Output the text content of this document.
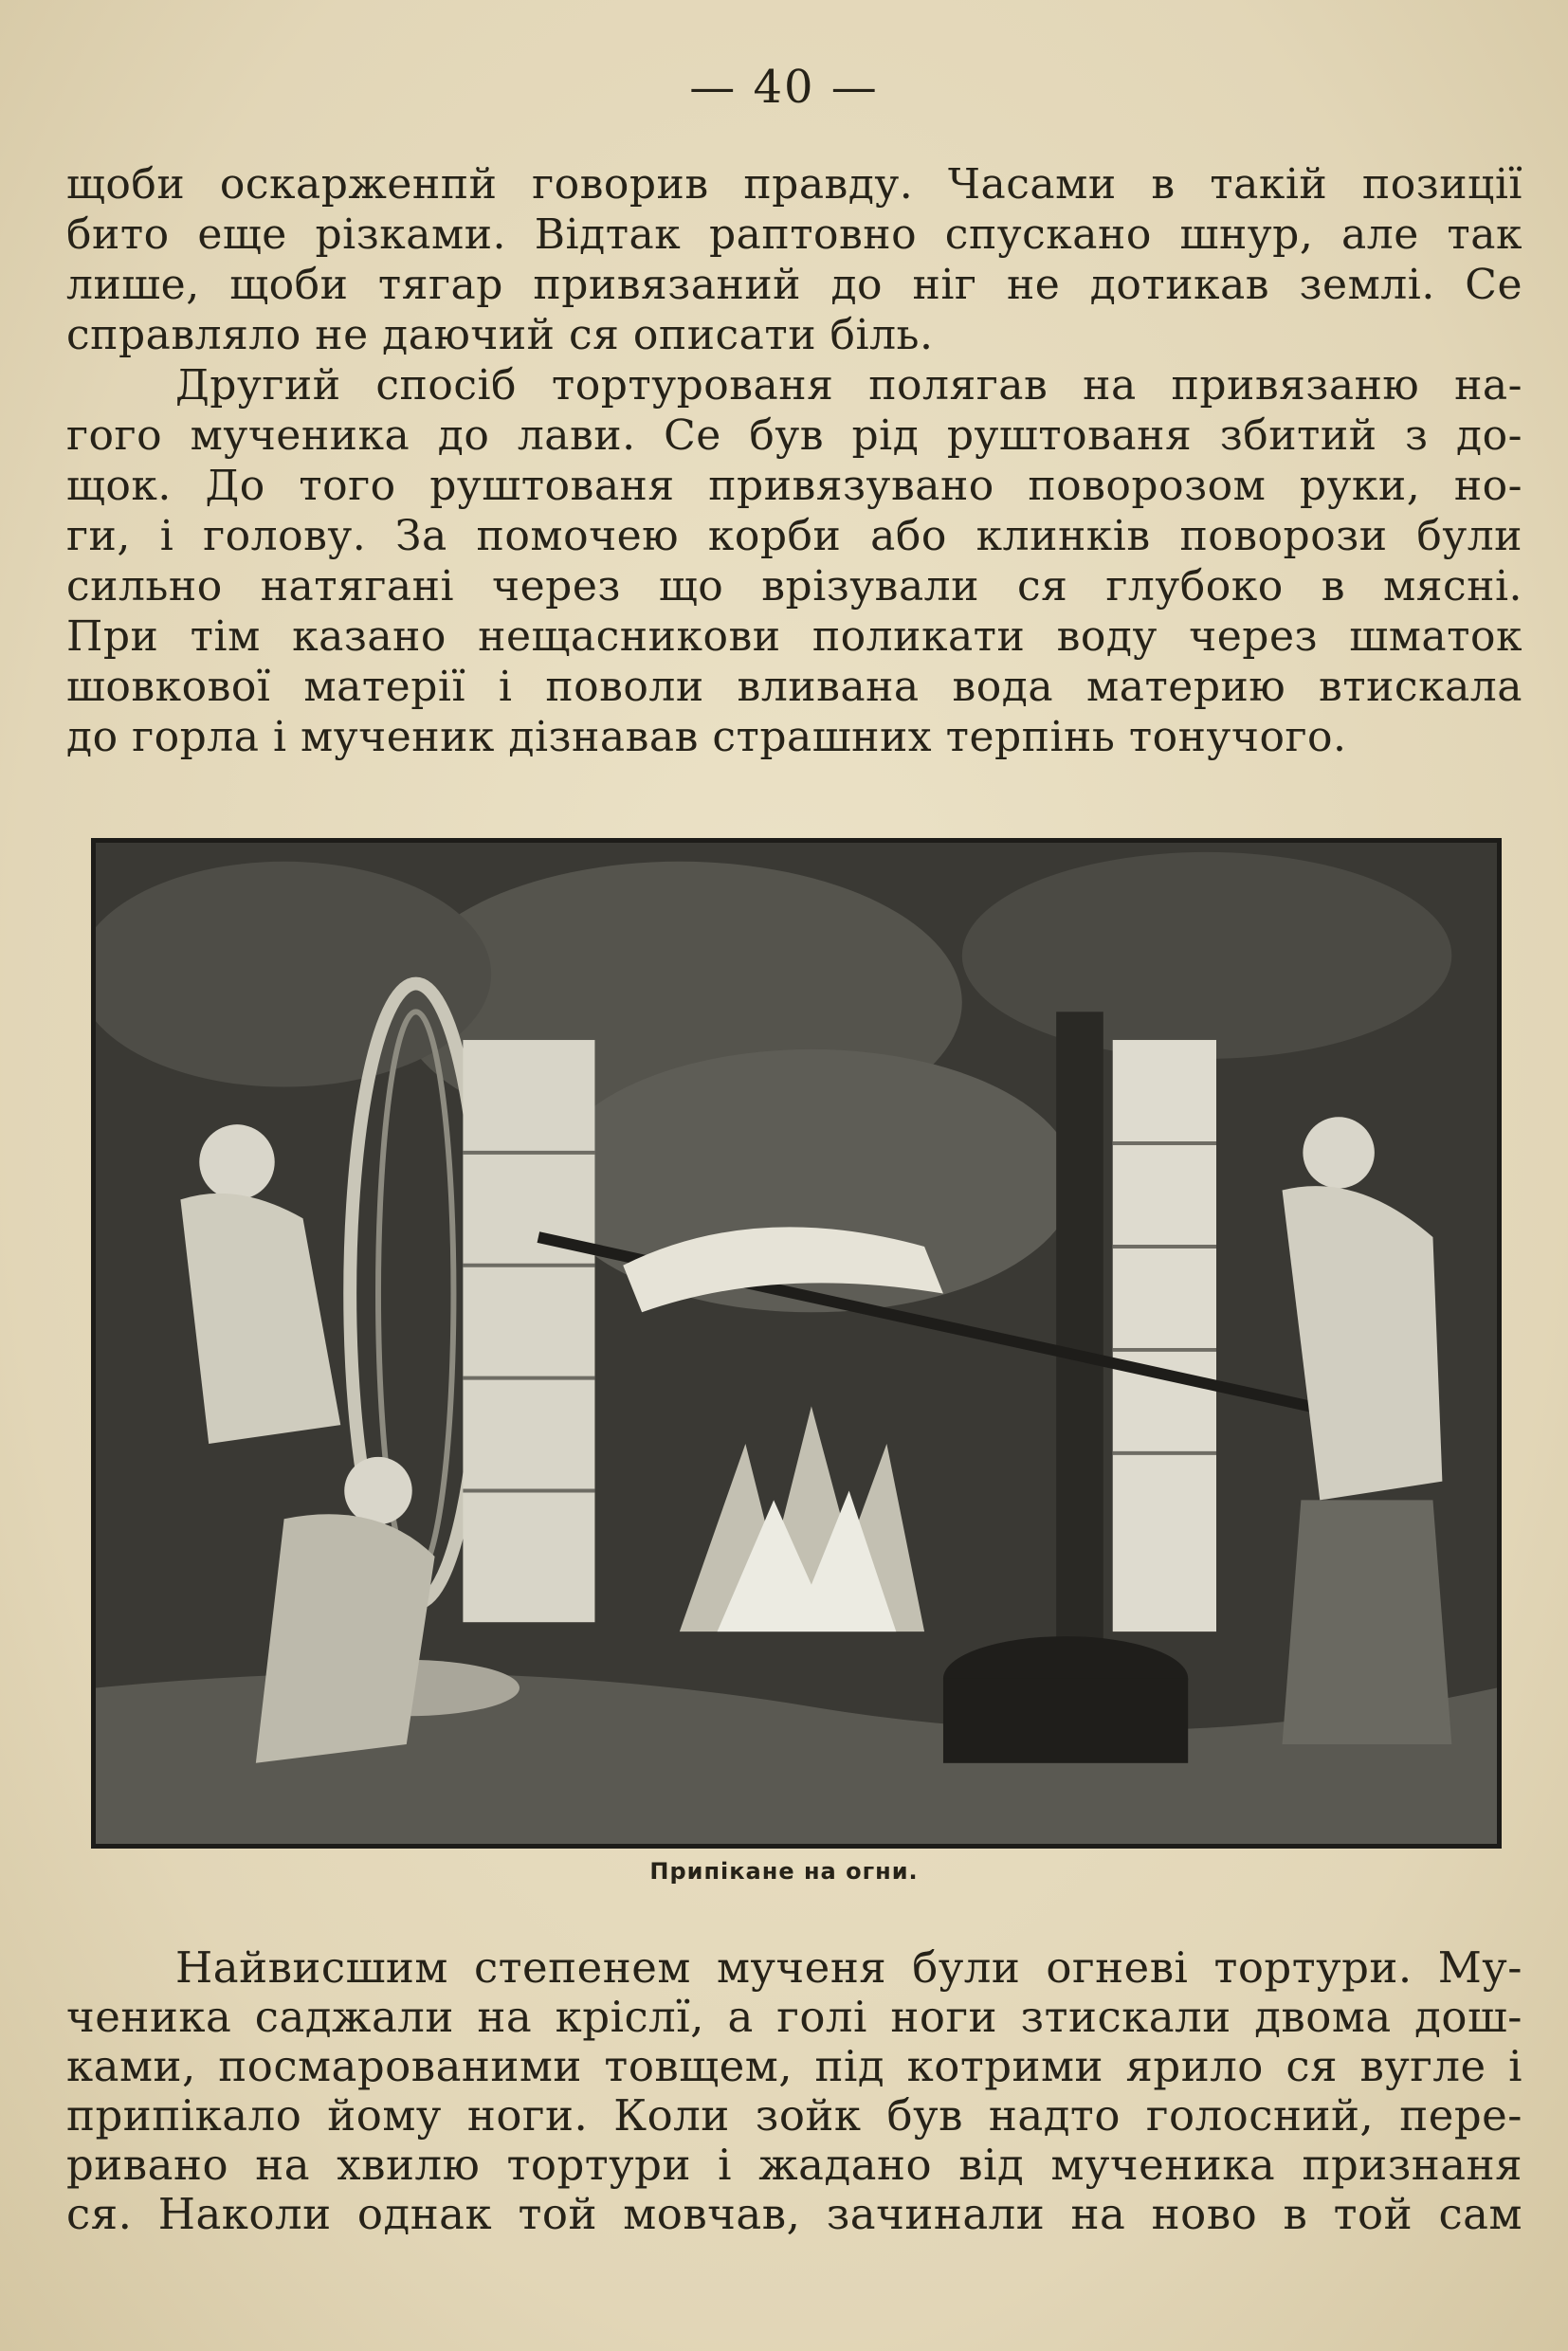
— 40 —
щоби оскарженпй говорив правду. Часами в такій позиції
бито еще різками. Відтак раптовно спускано шнур, але так
лише, щоби тягар привязаний до ніг не дотикав землі. Се
справляло не даючий ся описати біль.
Другий спосіб тортурованя полягав на привязаню на-
гого мученика до лави. Се був рід руштованя збитий з до-
щок. До того руштованя привязувано поворозом руки, но-
ги, і голову. За помочею корби або клинків поворози були
сильно натягані через що врізували ся глубоко в мясні.
При тім казано нещасникови поликати воду через шматок
шовкової матерії і поволи вливана вода материю втискала
до горла і мученик дізнавав страшних терпінь тонучого.
Припікане на огни.
Найвисшим степенем мученя були огневі тортури. Му-
ченика саджали на кріслї, а голі ноги зтискали двома дош-
ками, посмарованими товщем, під котрими ярило ся вугле і
припікало йому ноги. Коли зойк був надто голосний, пере-
ривано на хвилю тортури і жадано від мученика признаня
ся. Наколи однак той мовчав, зачинали на ново в той сам
